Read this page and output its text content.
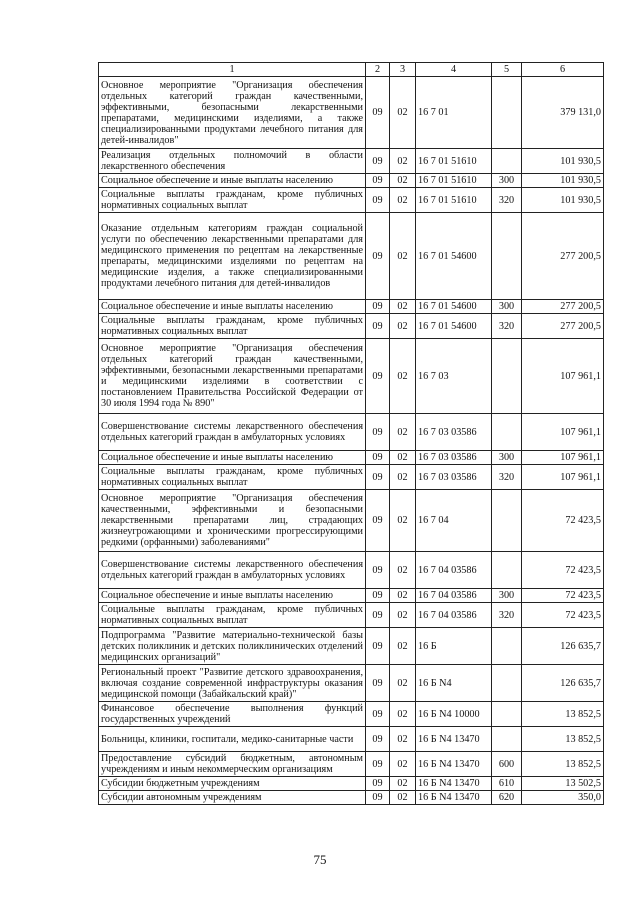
1	2	3	4	5	6
Основное мероприятие "Организация обеспечения отдельных категорий граждан качественными, эффективными, безопасными лекарственными препаратами, медицинскими изделиями, а также специализированными продуктами лечебного питания для детей-инвалидов"	09	02	16 7 01		379 131,0
Реализация отдельных полномочий в области лекарственного обеспечения	09	02	16 7 01 51610		101 930,5
Социальное обеспечение и иные выплаты населению	09	02	16 7 01 51610	300	101 930,5
Социальные выплаты гражданам, кроме публичных нормативных социальных выплат	09	02	16 7 01 51610	320	101 930,5
Оказание отдельным категориям граждан социальной услуги по обеспечению лекарственными препаратами для медицинского применения по рецептам на лекарственные препараты, медицинскими изделиями по рецептам на медицинские изделия, а также специализированными продуктами лечебного питания для детей-инвалидов	09	02	16 7 01 54600		277 200,5
Социальное обеспечение и иные выплаты населению	09	02	16 7 01 54600	300	277 200,5
Социальные выплаты гражданам, кроме публичных нормативных социальных выплат	09	02	16 7 01 54600	320	277 200,5
Основное мероприятие "Организация обеспечения отдельных категорий граждан качественными, эффективными, безопасными лекарственными препаратами и медицинскими изделиями в соответствии с постановлением Правительства Российской Федерации от 30 июля 1994 года № 890"	09	02	16 7 03		107 961,1
Совершенствование системы лекарственного обеспечения отдельных категорий граждан в амбулаторных условиях	09	02	16 7 03 03586		107 961,1
Социальное обеспечение и иные выплаты населению	09	02	16 7 03 03586	300	107 961,1
Социальные выплаты гражданам, кроме публичных нормативных социальных выплат	09	02	16 7 03 03586	320	107 961,1
Основное мероприятие "Организация обеспечения качественными, эффективными и безопасными лекарственными препаратами лиц, страдающих жизнеугрожающими и хроническими прогрессирующими редкими (орфанными) заболеваниями"	09	02	16 7 04		72 423,5
Совершенствование системы лекарственного обеспечения отдельных категорий граждан в амбулаторных условиях	09	02	16 7 04 03586		72 423,5
Социальное обеспечение и иные выплаты населению	09	02	16 7 04 03586	300	72 423,5
Социальные выплаты гражданам, кроме публичных нормативных социальных выплат	09	02	16 7 04 03586	320	72 423,5
Подпрограмма "Развитие материально-технической базы детских поликлиник и детских поликлинических отделений медицинских организаций"	09	02	16 Б		126 635,7
Региональный проект "Развитие детского здравоохранения, включая создание современной инфраструктуры оказания медицинской помощи (Забайкальский край)"	09	02	16 Б N4		126 635,7
Финансовое обеспечение выполнения функций государственных учреждений	09	02	16 Б N4 10000		13 852,5
Больницы, клиники, госпитали, медико-санитарные части	09	02	16 Б N4 13470		13 852,5
Предоставление субсидий бюджетным, автономным учреждениям и иным некоммерческим организациям	09	02	16 Б N4 13470	600	13 852,5
Субсидии бюджетным учреждениям	09	02	16 Б N4 13470	610	13 502,5
Субсидии автономным учреждениям	09	02	16 Б N4 13470	620	350,0
75
